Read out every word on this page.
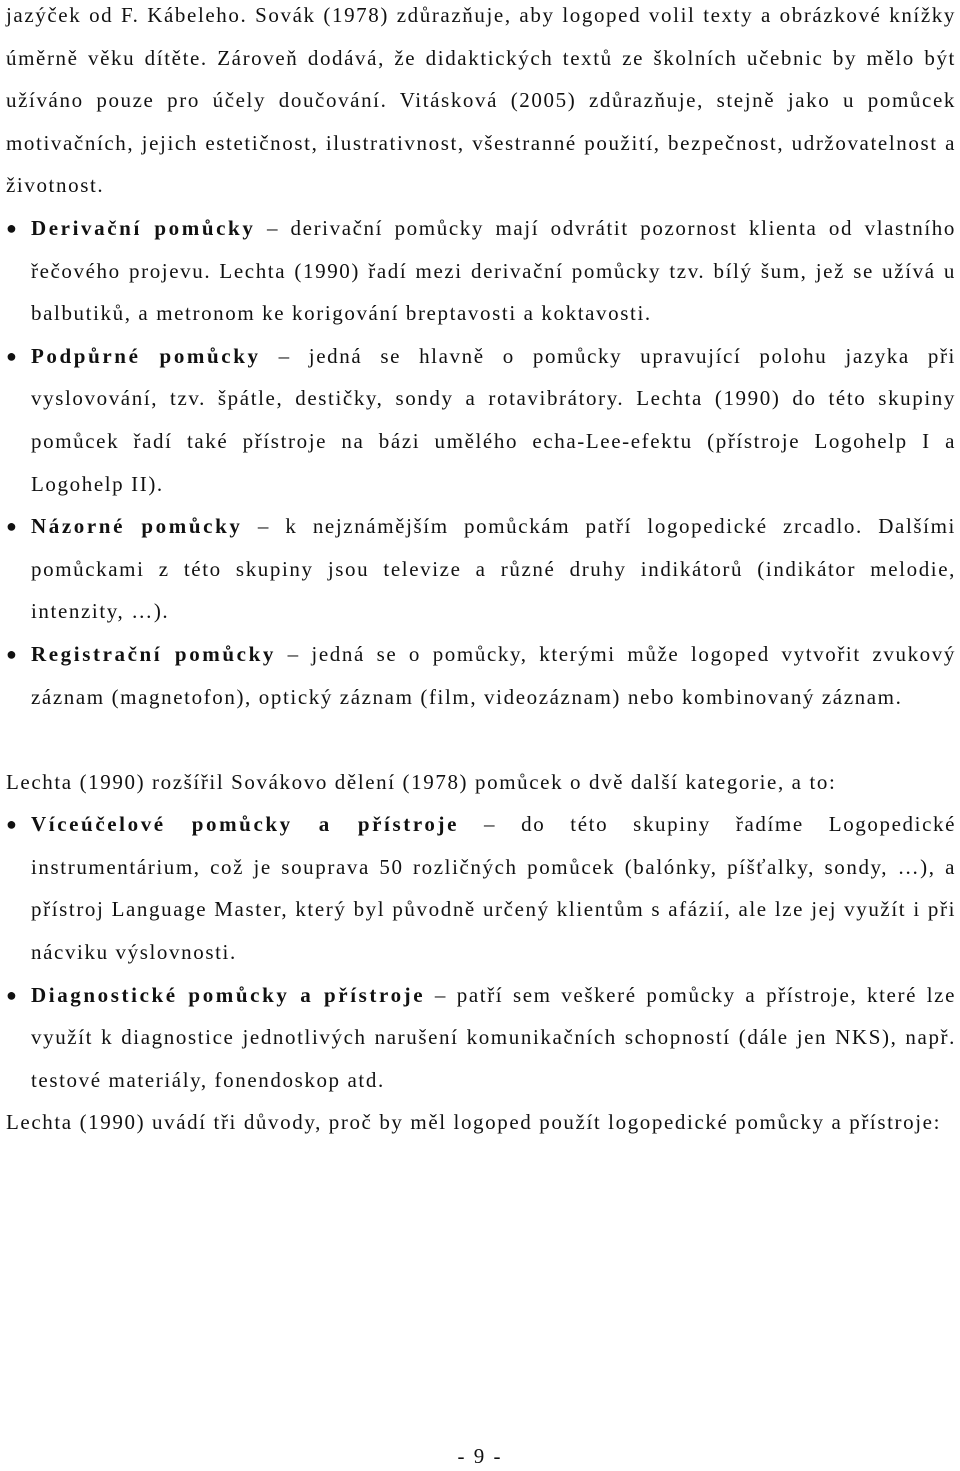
jazýček od F. Kábeleho. Sovák (1978) zdůrazňuje, aby logoped volil texty a obrázkové knížky úměrně věku dítěte. Zároveň dodává, že didaktických textů ze školních učebnic by mělo být užíváno pouze pro účely doučování. Vitásková (2005) zdůrazňuje, stejně jako u pomůcek motivačních, jejich estetičnost, ilustrativnost, všestranné použití, bezpečnost, udržovatelnost a životnost.

● Derivační pomůcky – derivační pomůcky mají odvrátit pozornost klienta od vlastního řečového projevu. Lechta (1990) řadí mezi derivační pomůcky tzv. bílý šum, jež se užívá u balbutiků, a metronom ke korigování breptavosti a koktavosti.
● Podpůrné pomůcky – jedná se hlavně o pomůcky upravující polohu jazyka při vyslovování, tzv. špátle, destičky, sondy a rotavibrátory. Lechta (1990) do této skupiny pomůcek řadí také přístroje na bázi umělého echa-Lee-efektu (přístroje Logohelp I a Logohelp II).
● Názorné pomůcky – k nejznámějším pomůckám patří logopedické zrcadlo. Dalšími pomůckami z této skupiny jsou televize a různé druhy indikátorů (indikátor melodie, intenzity, …).
● Registrační pomůcky – jedná se o pomůcky, kterými může logoped vytvořit zvukový záznam (magnetofon), optický záznam (film, videozáznam) nebo kombinovaný záznam.

Lechta (1990) rozšířil Sovákovo dělení (1978) pomůcek o dvě další kategorie, a to:

● Víceúčelové pomůcky a přístroje – do této skupiny řadíme Logopedické instrumentárium, což je souprava 50 rozličných pomůcek (balónky, píšťalky, sondy, …), a přístroj Language Master, který byl původně určený klientům s afázií, ale lze jej využít i při nácviku výslovnosti.
● Diagnostické pomůcky a přístroje – patří sem veškeré pomůcky a přístroje, které lze využít k diagnostice jednotlivých narušení komunikačních schopností (dále jen NKS), např. testové materiály, fonendoskop atd.

Lechta (1990) uvádí tři důvody, proč by měl logoped použít logopedické pomůcky a přístroje:

- 9 -
